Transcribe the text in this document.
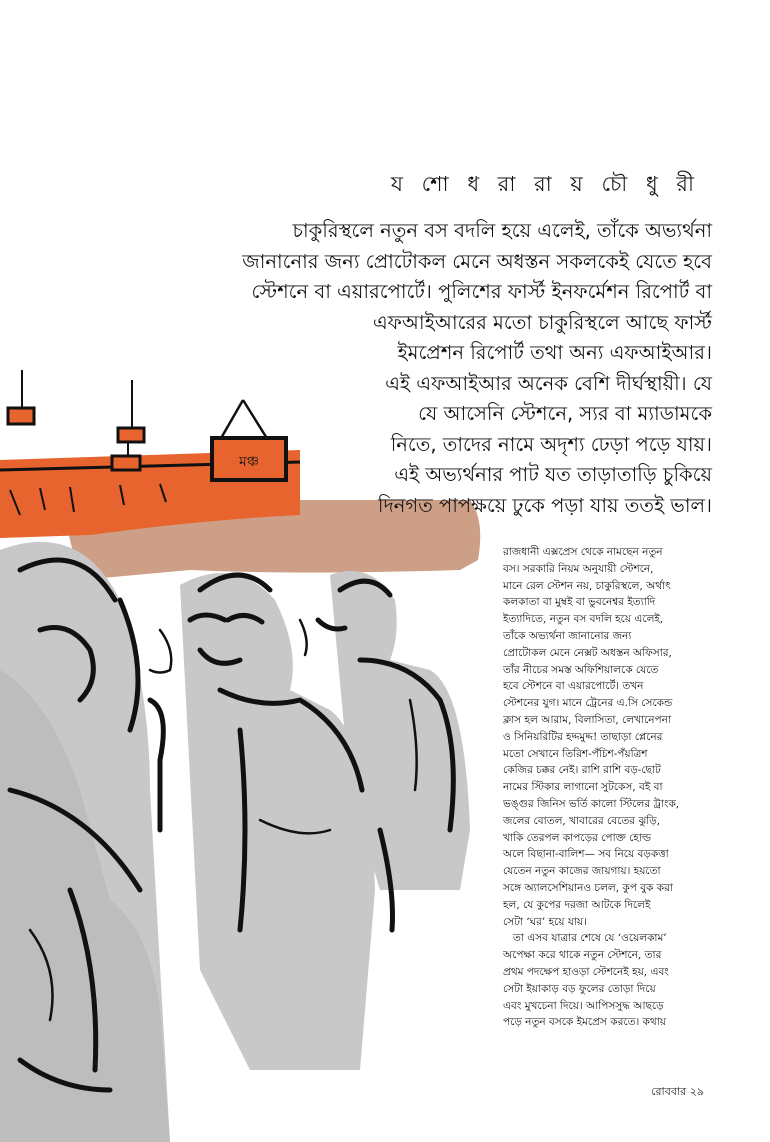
মঞ্চ
য শো ধ রা রা য় চৌ ধু রী
চাকুরিস্থলে নতুন বস বদলি হয়ে এলেই, তাঁকে অভ্যর্থনা
জানানোর জন্য প্রোটোকল মেনে অধস্তন সকলকেই যেতে হবে
স্টেশনে বা এয়ারপোর্টে। পুলিশের ফার্স্ট ইনফর্মেশন রিপোর্ট বা
এফআইআরের মতো চাকুরিস্থলে আছে ফার্স্ট
ইমপ্রেশন রিপোর্ট তথা অন্য এফআইআর।
এই এফআইআর অনেক বেশি দীর্ঘস্থায়ী। যে
যে আসেনি স্টেশনে, স্যর বা ম্যাডামকে
নিতে, তাদের নামে অদৃশ্য ঢেড়া পড়ে যায়।
এই অভ্যর্থনার পাট যত তাড়াতাড়ি চুকিয়ে
দিনগত পাপক্ষয়ে ঢুকে পড়া যায় ততই ভাল।
রাজধানী এক্সপ্রেস থেকে নামছেন নতুন
বস। সরকারি নিয়ম অনুযায়ী স্টেশনে,
মানে রেল স্টেশন নয়, চাকুরিস্থলে, অর্থাৎ
কলকাতা বা মুম্বই বা ভুবনেশ্বর ইত্যাদি
ইত্যাদিতে, নতুন বস বদলি হয়ে এলেই,
তাঁকে অভ্যর্থনা জানানোর জন্য
প্রোটোকল মেনে নেক্সট অধস্তন অফিসার,
তাঁর নীচের সমস্ত অফিশিয়ালকে যেতে
হবে স্টেশনে বা এয়ারপোর্টে। তখন
স্টেশনের যুগ। মানে ট্রেনের এ.সি সেকেন্ড
ক্লাস হল আরাম, বিলাসিতা, লেখানেপনা
ও সিনিয়রিটির হদ্দমুদ্দ! তাছাড়া প্লেনের
মতো সেখানে তিরিশ-পঁচিশ-পঁয়ত্রিশ
কেজির চক্কর নেই। রাশি রাশি বড়-ছোট
নামের স্টিকার লাগানো সুটকেস, বই বা
ভঙ্গুর জিনিস ভর্তি কালো স্টিলের ট্রাংক,
জলের বোতল, খাবারের বেতের ঝুড়ি,
খাকি তেরপল কাপড়ের পোক্ত হোল্ড
অলে বিছানা-বালিশ— সব নিয়ে বড়কত্তা
যেতেন নতুন কাজের জায়গায়। হয়তো
সঙ্গে অ্যালসেশিয়ানও চলল, কুপ বুক করা
হল, যে কুপের দরজা আটকে দিলেই
সেটা ‘ঘর’ হয়ে যায়।
তা এসব যাত্রার শেষে যে ‘ওয়েলকাম’
অপেক্ষা করে থাকে নতুন স্টেশনে, তার
প্রথম পদক্ষেপ হাওড়া স্টেশনেই হয়, এবং
সেটা ইয়াকাড় বড় ফুলের তোড়া দিয়ে
এবং মুখচেনা দিয়ে। আপিসসুদ্ধ আছড়ে
পড়ে নতুন বসকে ইমপ্রেস করতে। কথায়
রোববার ২৯
